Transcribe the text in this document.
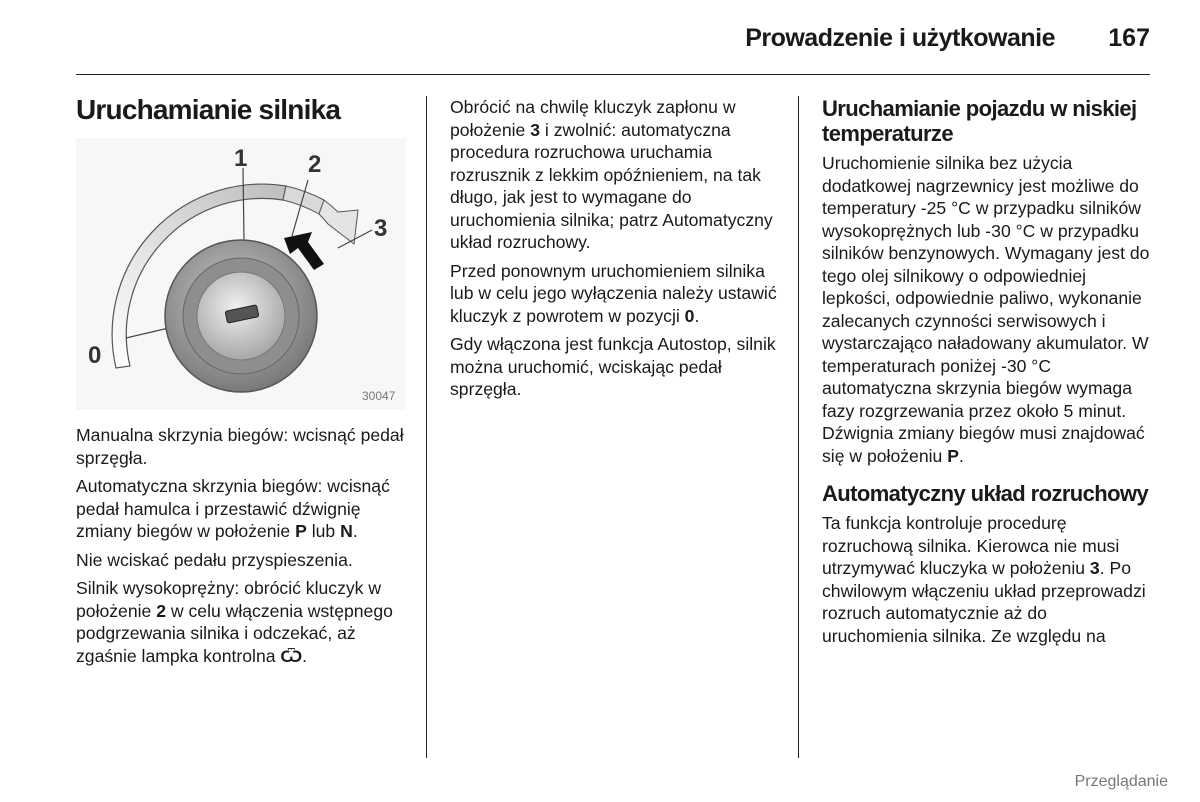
Prowadzenie i użytkowanie 167
Uruchamianie silnika
0
1	2
3
30047

Manualna skrzynia biegów: wcisnąć pedał sprzęgła.

Automatyczna skrzynia biegów: wcisnąć pedał hamulca i przestawić dźwignię zmiany biegów w położenie P lub N.

Nie wciskać pedału przyspieszenia.

Silnik wysokoprężny: obrócić kluczyk w położenie 2 w celu włączenia wstępnego podgrzewania silnika i odczekać, aż zgaśnie lampka kontrolna Ѿ.

Obrócić na chwilę kluczyk zapłonu w położenie 3 i zwolnić: automatyczna procedura rozruchowa uruchamia rozrusznik z lekkim opóźnieniem, na tak długo, jak jest to wymagane do uruchomienia silnika; patrz Automatyczny układ rozruchowy.

Przed ponownym uruchomieniem silnika lub w celu jego wyłączenia należy ustawić kluczyk z powrotem w pozycji 0.

Gdy włączona jest funkcja Autostop, silnik można uruchomić, wciskając pedał sprzęgła.

Uruchamianie pojazdu w niskiej temperaturze

Uruchomienie silnika bez użycia dodatkowej nagrzewnicy jest możliwe do temperatury -25 °C w przypadku silników wysokoprężnych lub -30 °C w przypadku silników benzynowych. Wymagany jest do tego olej silnikowy o odpowiedniej lepkości, odpowiednie paliwo, wykonanie zalecanych czynności serwisowych i wystarczająco naładowany akumulator. W temperaturach poniżej -30 °C automatyczna skrzynia biegów wymaga fazy rozgrzewania przez około 5 minut. Dźwignia zmiany biegów musi znajdować się w położeniu P.

Automatyczny układ rozruchowy

Ta funkcja kontroluje procedurę rozruchową silnika. Kierowca nie musi utrzymywać kluczyka w położeniu 3. Po chwilowym włączeniu układ przeprowadzi rozruch automatycznie aż do uruchomienia silnika. Ze względu na

Przeglądanie
